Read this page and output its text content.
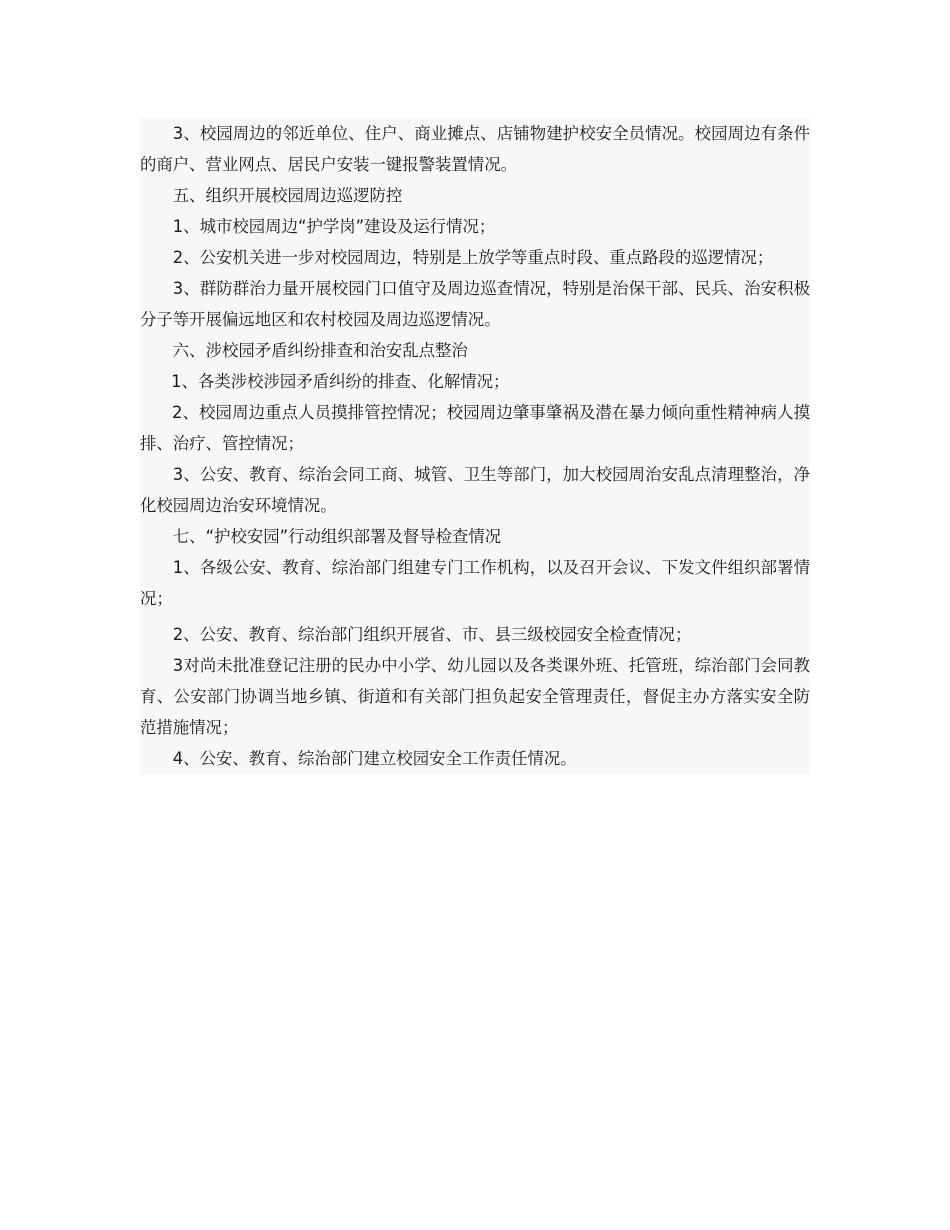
3、校园周边的邻近单位、住户、商业摊点、店铺物建护校安全员情况。校园周边有条件的商户、营业网点、居民户安装一键报警装置情况。

五、组织开展校园周边巡逻防控

1、城市校园周边“护学岗”建设及运行情况；

2、公安机关进一步对校园周边，特别是上放学等重点时段、重点路段的巡逻情况；

3、群防群治力量开展校园门口值守及周边巡查情况，特别是治保干部、民兵、治安积极分子等开展偏远地区和农村校园及周边巡逻情况。

六、涉校园矛盾纠纷排查和治安乱点整治

1、各类涉校涉园矛盾纠纷的排查、化解情况；

2、校园周边重点人员摸排管控情况；校园周边肇事肇祸及潜在暴力倾向重性精神病人摸排、治疗、管控情况；

3、公安、教育、综治会同工商、城管、卫生等部门，加大校园周治安乱点清理整治，净化校园周边治安环境情况。

七、“护校安园”行动组织部署及督导检查情况

1、各级公安、教育、综治部门组建专门工作机构，以及召开会议、下发文件组织部署情况；

2、公安、教育、综治部门组织开展省、市、县三级校园安全检查情况；

3对尚未批准登记注册的民办中小学、幼儿园以及各类课外班、托管班，综治部门会同教育、公安部门协调当地乡镇、街道和有关部门担负起安全管理责任，督促主办方落实安全防范措施情况；

4、公安、教育、综治部门建立校园安全工作责任情况。
